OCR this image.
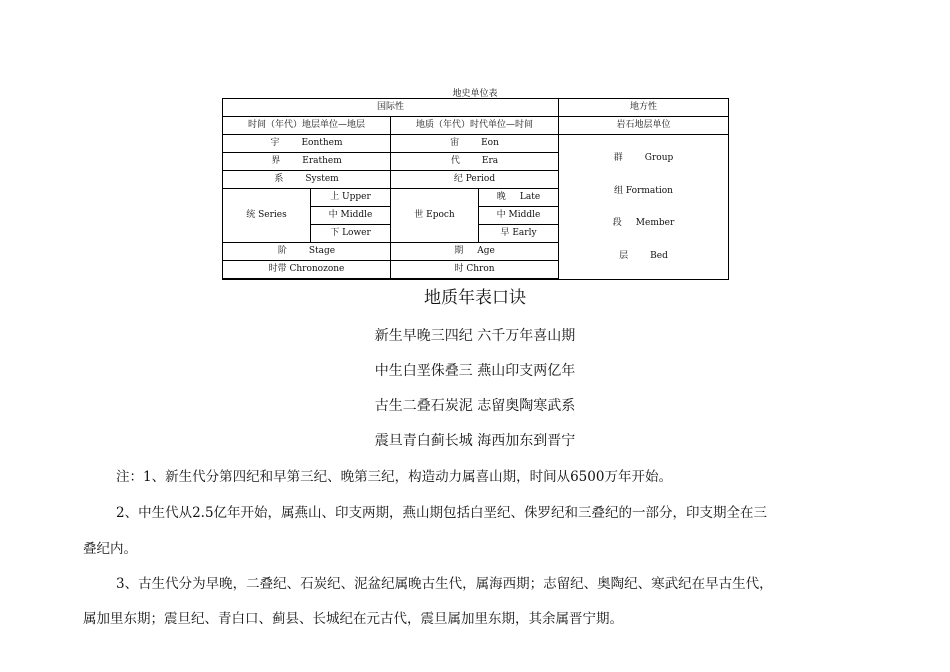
地史单位表
国际性				地方性
时间（年代）地层单位—地层		地质（年代）时代单位—时间		岩石地层单位
宇 Eonthem		宙 Eon		群 Group
组 Formation
段 Member
层 Bed

界 Erathem		代 Era		
系 System		纪 Period		
统 Series	上 Upper	世 Epoch	晚 Late	
	中 Middle		中 Middle	
	下 Lower		早 Early	
阶 Stage		期 Age		
时带 Chronozone		时 Chron		
地质年表口诀
新生早晚三四纪 六千万年喜山期
中生白垩侏叠三 燕山印支两亿年
古生二叠石炭泥 志留奥陶寒武系
震旦青白蓟长城 海西加东到晋宁
注：1、新生代分第四纪和早第三纪、晚第三纪，构造动力属喜山期，时间从6500万年开始。
2、中生代从2.5亿年开始，属燕山、印支两期，燕山期包括白垩纪、侏罗纪和三叠纪的一部分，印支期全在三
叠纪内。
3、古生代分为早晚，二叠纪、石炭纪、泥盆纪属晚古生代，属海西期；志留纪、奥陶纪、寒武纪在早古生代，
属加里东期；震旦纪、青白口、蓟县、长城纪在元古代，震旦属加里东期，其余属晋宁期。
